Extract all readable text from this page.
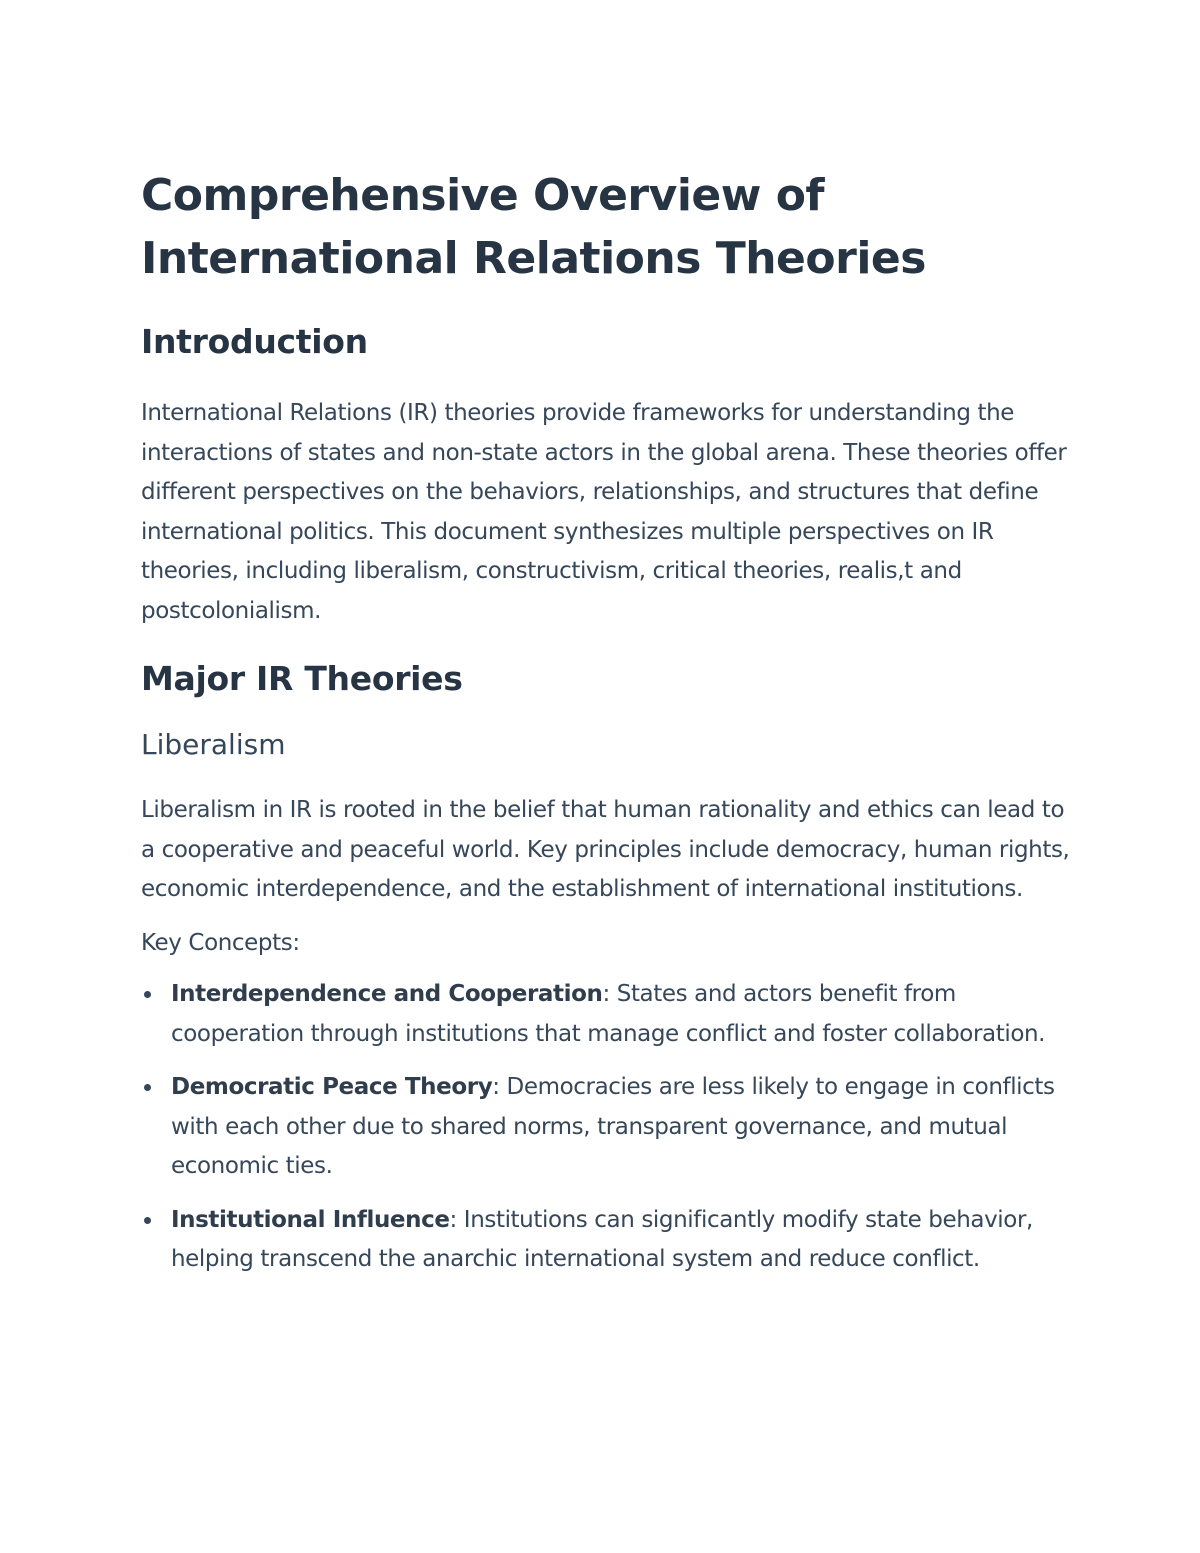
Comprehensive Overview of International Relations Theories
Introduction

International Relations (IR) theories provide frameworks for understanding the interactions of states and non-state actors in the global arena. These theories offer different perspectives on the behaviors, relationships, and structures that define international politics. This document synthesizes multiple perspectives on IR theories, including liberalism, constructivism, critical theories, realis,t and postcolonialism.

Major IR Theories
Liberalism

Liberalism in IR is rooted in the belief that human rationality and ethics can lead to a cooperative and peaceful world. Key principles include democracy, human rights, economic interdependence, and the establishment of international institutions.

Key Concepts:

Interdependence and Cooperation: States and actors benefit from cooperation through institutions that manage conflict and foster collaboration.
Democratic Peace Theory: Democracies are less likely to engage in conflicts with each other due to shared norms, transparent governance, and mutual economic ties.
Institutional Influence: Institutions can significantly modify state behavior, helping transcend the anarchic international system and reduce conflict.
